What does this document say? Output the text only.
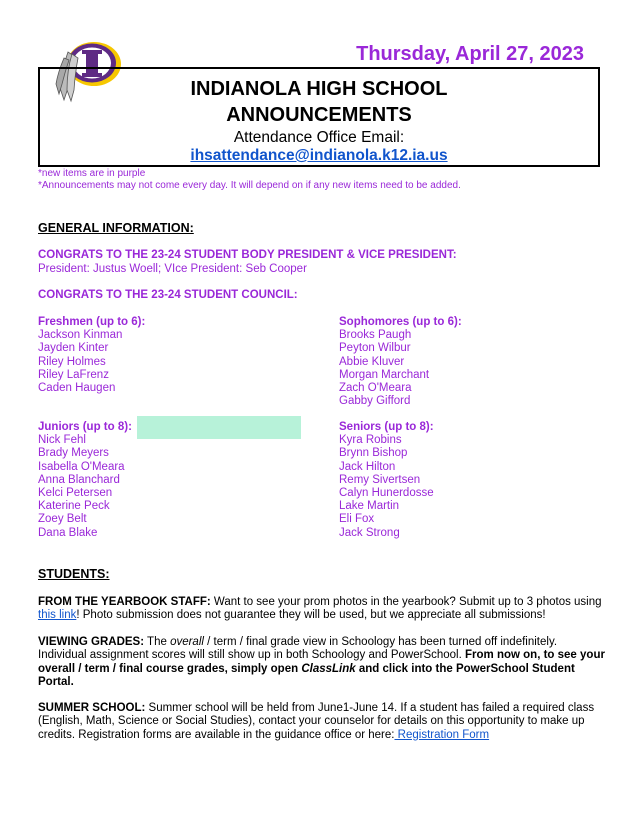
Thursday, April 27, 2023
INDIANOLA HIGH SCHOOL
ANNOUNCEMENTS
Attendance Office Email:
ihsattendance@indianola.k12.ia.us
*new items are in purple
*Announcements may not come every day. It will depend on if any new items need to be added.
GENERAL INFORMATION:
CONGRATS TO THE 23-24 STUDENT BODY PRESIDENT & VICE PRESIDENT:
President: Justus Woell; VIce President: Seb Cooper
CONGRATS TO THE 23-24 STUDENT COUNCIL:
Freshmen (up to 6):
Jackson Kinman
Jayden Kinter
Riley Holmes
Riley LaFrenz
Caden Haugen
Sophomores (up to 6):
Brooks Paugh
Peyton Wilbur
Abbie Kluver
Morgan Marchant
Zach O'Meara
Gabby Gifford
Juniors (up to 8):
Nick Fehl
Brady Meyers
Isabella O'Meara
Anna Blanchard
Kelci Petersen
Katerine Peck
Zoey Belt
Dana Blake
Seniors (up to 8):
Kyra Robins
Brynn Bishop
Jack Hilton
Remy Sivertsen
Calyn Hunerdosse
Lake Martin
Eli Fox
Jack Strong
STUDENTS:
FROM THE YEARBOOK STAFF: Want to see your prom photos in the yearbook? Submit up to 3 photos using this link! Photo submission does not guarantee they will be used, but we appreciate all submissions!
VIEWING GRADES: The overall / term / final grade view in Schoology has been turned off indefinitely. Individual assignment scores will still show up in both Schoology and PowerSchool. From now on, to see your overall / term / final course grades, simply open ClassLink and click into the PowerSchool Student Portal.
SUMMER SCHOOL: Summer school will be held from June1-June 14. If a student has failed a required class (English, Math, Science or Social Studies), contact your counselor for details on this opportunity to make up credits. Registration forms are available in the guidance office or here: Registration Form
